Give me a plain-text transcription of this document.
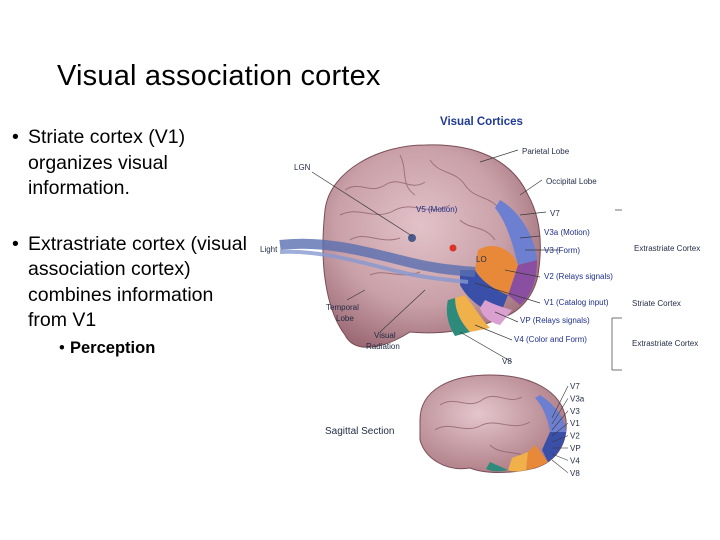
Visual association cortex
• Striate cortex (V1) organizes visual information.
• Extrastriate cortex (visual association cortex) combines information from V1
• Perception
Visual Cortices
Parietal Lobe
Occipital Lobe
LGN
V5 (Motion)	V7
V3a (Motion)
V3 (Form)
Light
LO
V2 (Relays signals)
V1 (Catalog input)
VP (Relays signals)
V4 (Color and Form)
V8
Temporal
Lobe
Visual
Radiation
Extrastriate Cortex
Striate Cortex
Extrastriate Cortex
Sagittal Section
V7
V3a
V3
V1
V2
VP
V4
V8
